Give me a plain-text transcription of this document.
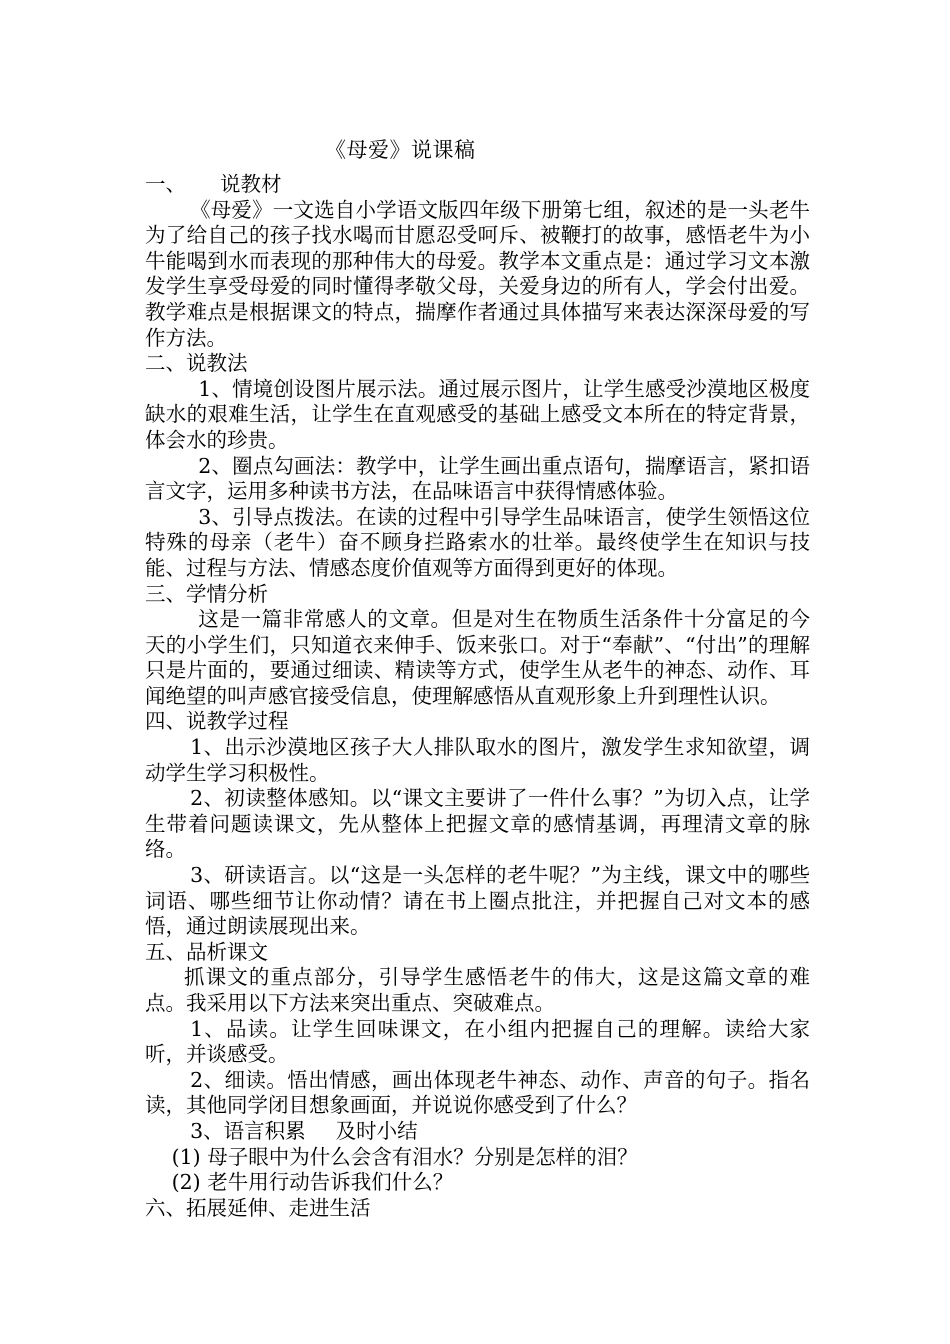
《母爱》说课稿

一、 说教材

《母爱》一文选自小学语文版四年级下册第七组，叙述的是一头老牛为了给自己的孩子找水喝而甘愿忍受呵斥、被鞭打的故事，感悟老牛为小牛能喝到水而表现的那种伟大的母爱。教学本文重点是：通过学习文本激发学生享受母爱的同时懂得孝敬父母，关爱身边的所有人，学会付出爱。教学难点是根据课文的特点，揣摩作者通过具体描写来表达深深母爱的写作方法。

二、说教法

1、情境创设图片展示法。通过展示图片，让学生感受沙漠地区极度缺水的艰难生活，让学生在直观感受的基础上感受文本所在的特定背景，体会水的珍贵。

2、圈点勾画法：教学中，让学生画出重点语句，揣摩语言，紧扣语言文字，运用多种读书方法，在品味语言中获得情感体验。

3、引导点拨法。在读的过程中引导学生品味语言，使学生领悟这位特殊的母亲（老牛）奋不顾身拦路索水的壮举。最终使学生在知识与技能、过程与方法、情感态度价值观等方面得到更好的体现。

三、学情分析

这是一篇非常感人的文章。但是对生在物质生活条件十分富足的今天的小学生们，只知道衣来伸手、饭来张口。对于“奉献”、“付出”的理解只是片面的，要通过细读、精读等方式，使学生从老牛的神态、动作、耳闻绝望的叫声感官接受信息，使理解感悟从直观形象上升到理性认识。

四、说教学过程

1、出示沙漠地区孩子大人排队取水的图片，激发学生求知欲望，调动学生学习积极性。

2、初读整体感知。以“课文主要讲了一件什么事？”为切入点，让学生带着问题读课文，先从整体上把握文章的感情基调，再理清文章的脉络。

3、研读语言。以“这是一头怎样的老牛呢？”为主线，课文中的哪些词语、哪些细节让你动情？请在书上圈点批注，并把握自己对文本的感悟，通过朗读展现出来。

五、品析课文

抓课文的重点部分，引导学生感悟老牛的伟大，这是这篇文章的难点。我采用以下方法来突出重点、突破难点。

1、品读。让学生回味课文，在小组内把握自己的理解。读给大家听，并谈感受。

2、细读。悟出情感，画出体现老牛神态、动作、声音的句子。指名读，其他同学闭目想象画面，并说说你感受到了什么？

3、语言积累 及时小结

(1) 母子眼中为什么会含有泪水？分别是怎样的泪？

(2) 老牛用行动告诉我们什么？

六、拓展延伸、走进生活
